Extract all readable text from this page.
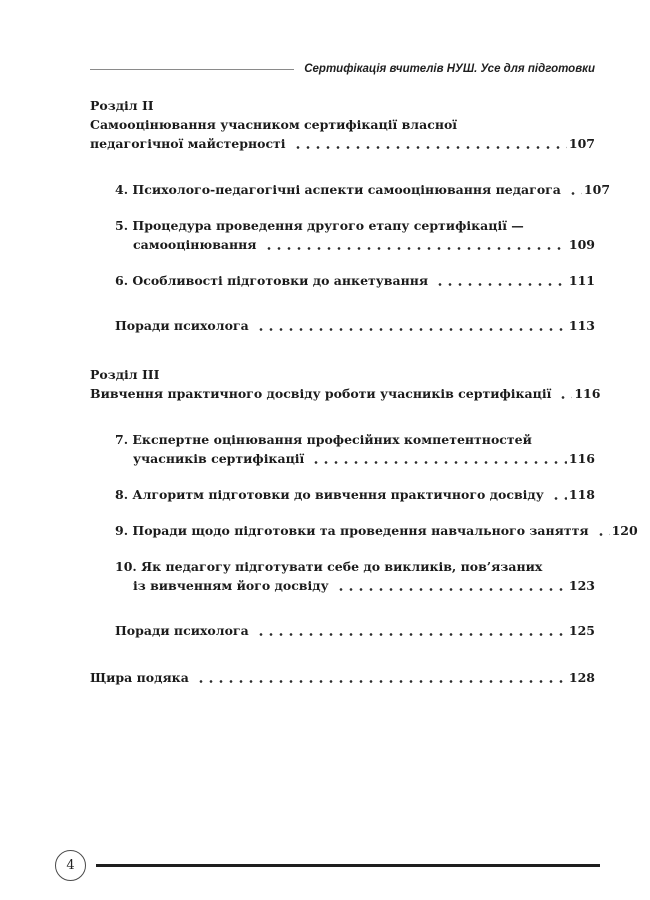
Сертифікація вчителів НУШ. Усе для підготовки
Розділ II
Самооцінювання учасником сертифікації власної
педагогічної майстерності	107
4. Психолого-педагогічні аспекти самооцінювання педагога 107
5. Процедура проведення другого етапу сертифікації —
самооцінювання	109
6. Особливості підготовки до анкетування	111
Поради психолога	113
Розділ III
Вивчення практичного досвіду роботи учасників сертифікації 116
7. Експертне оцінювання професійних компетентностей
учасників сертифікації	116
8. Алгоритм підготовки до вивчення практичного досвіду 118
9. Поради щодо підготовки та проведення навчального заняття 120
10. Як педагогу підготувати себе до викликів, пов’язаних
із вивченням його досвіду	123
Поради психолога	125
Щира подяка	128
4
